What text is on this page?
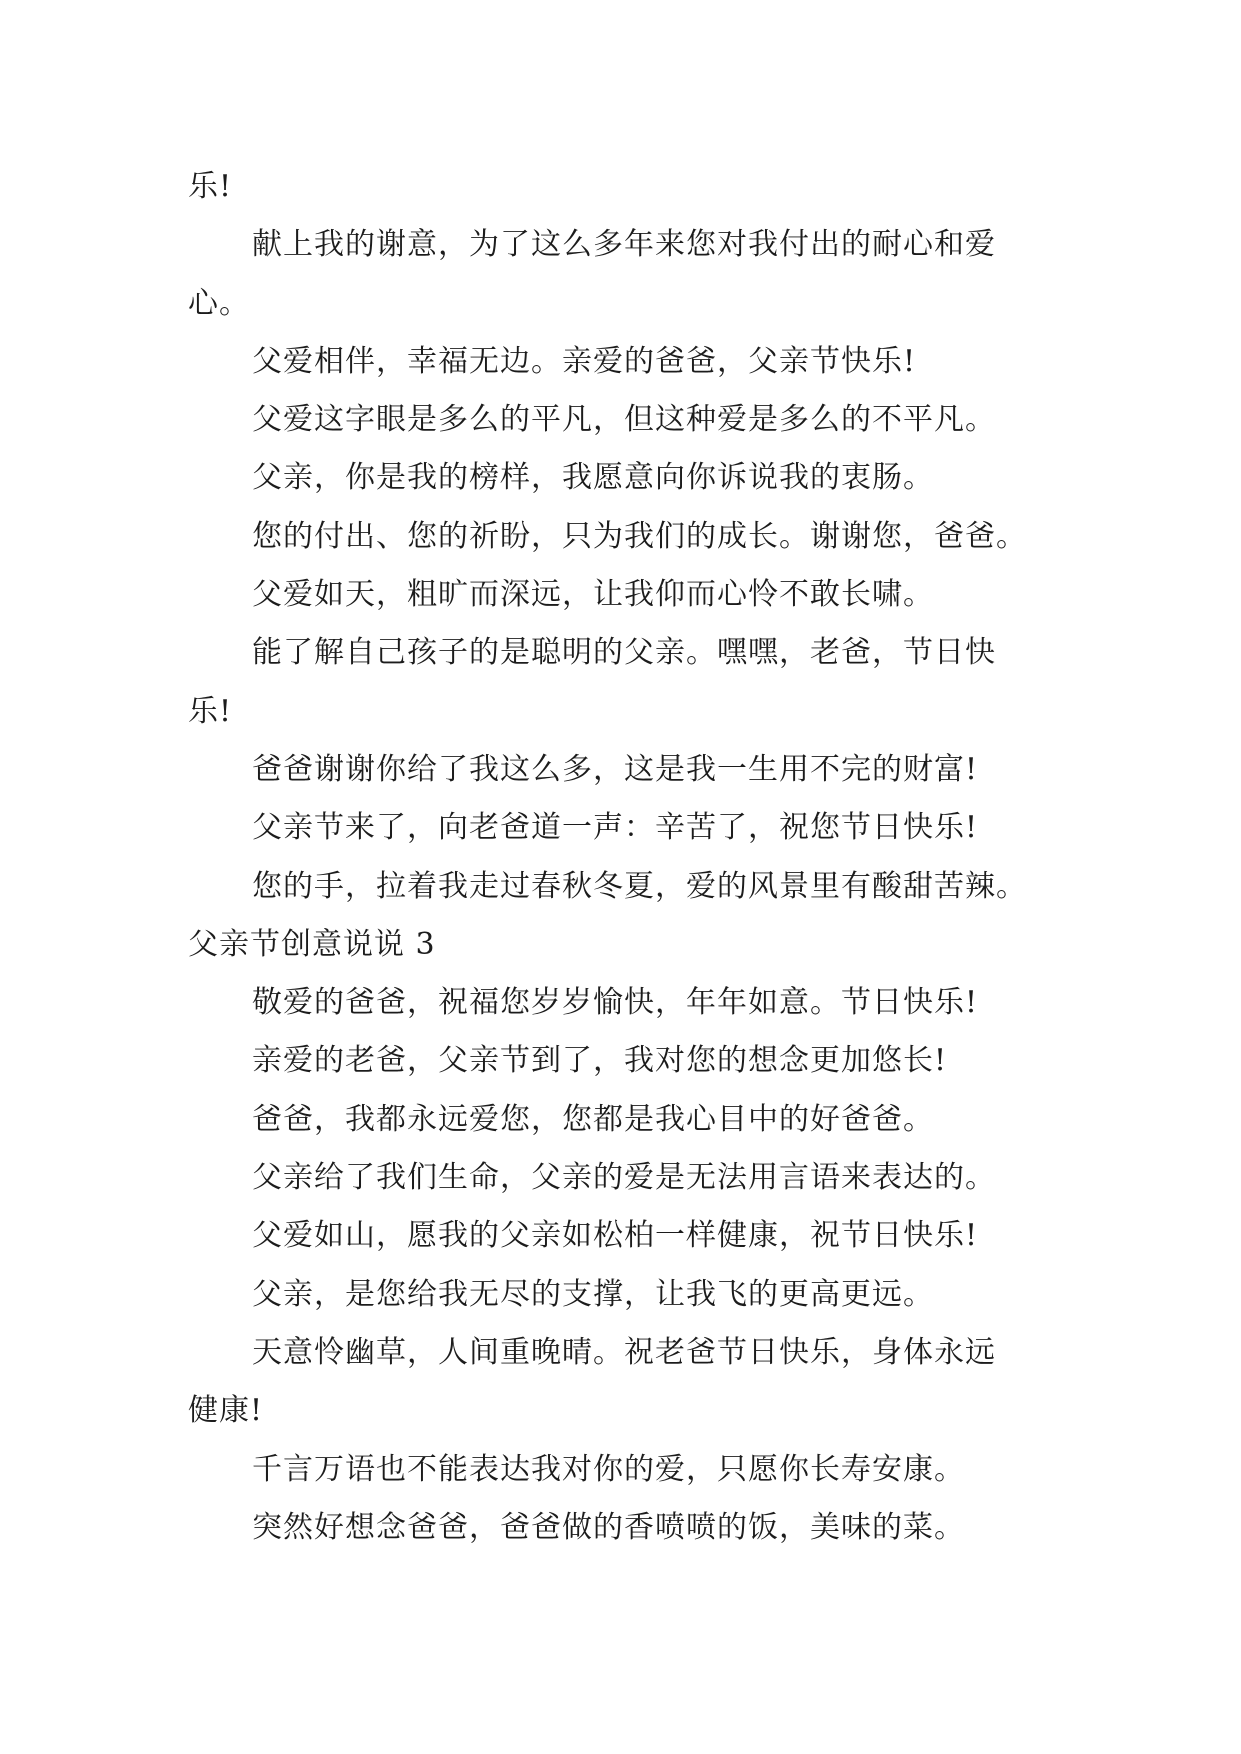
乐!
献上我的谢意，为了这么多年来您对我付出的耐心和爱
心。
父爱相伴，幸福无边。亲爱的爸爸，父亲节快乐!
父爱这字眼是多么的平凡，但这种爱是多么的不平凡。
父亲，你是我的榜样，我愿意向你诉说我的衷肠。
您的付出、您的祈盼，只为我们的成长。谢谢您，爸爸。
父爱如天，粗旷而深远，让我仰而心怜不敢长啸。
能了解自己孩子的是聪明的父亲。嘿嘿，老爸，节日快
乐!
爸爸谢谢你给了我这么多，这是我一生用不完的财富!
父亲节来了，向老爸道一声：辛苦了，祝您节日快乐!
您的手，拉着我走过春秋冬夏，爱的风景里有酸甜苦辣。
父亲节创意说说 3
敬爱的爸爸，祝福您岁岁愉快，年年如意。节日快乐!
亲爱的老爸，父亲节到了，我对您的想念更加悠长!
爸爸，我都永远爱您，您都是我心目中的好爸爸。
父亲给了我们生命，父亲的爱是无法用言语来表达的。
父爱如山，愿我的父亲如松柏一样健康，祝节日快乐!
父亲，是您给我无尽的支撑，让我飞的更高更远。
天意怜幽草，人间重晚晴。祝老爸节日快乐，身体永远
健康!
千言万语也不能表达我对你的爱，只愿你长寿安康。
突然好想念爸爸，爸爸做的香喷喷的饭，美味的菜。
